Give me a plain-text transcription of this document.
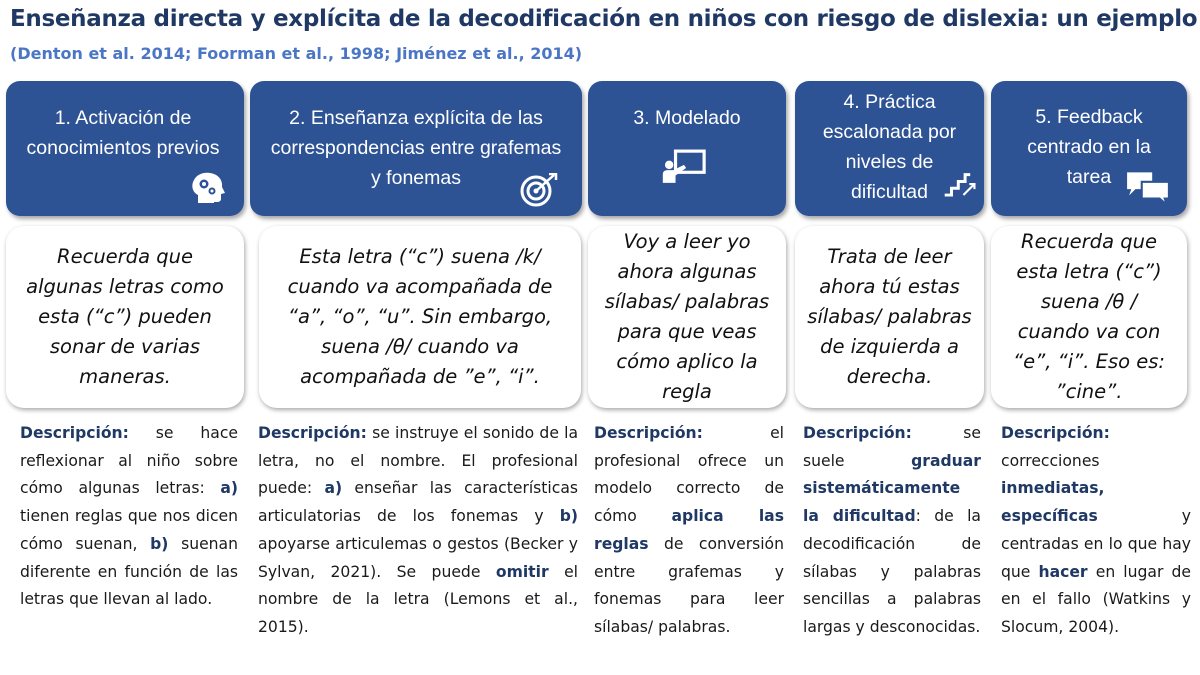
Enseñanza directa y explícita de la decodificación en niños con riesgo de dislexia: un ejemplo
(Denton et al. 2014; Foorman et al., 1998; Jiménez et al., 2014)
1. Activación de conocimientos previos
Recuerda que algunas letras como esta (“c”) pueden sonar de varias maneras.
Descripción: se hace reflexionar al niño sobre cómo algunas letras: a) tienen reglas que nos dicen cómo suenan, b) suenan diferente en función de las letras que llevan al lado.
2. Enseñanza explícita de las correspondencias entre grafemas y fonemas
Esta letra (“c”) suena /k/ cuando va acompañada de “a”, “o”, “u”. Sin embargo, suena /θ/ cuando va acompañada de ”e”, “i”.
Descripción: se instruye el sonido de la letra, no el nombre. El profesional puede: a) enseñar las características articulatorias de los fonemas y b) apoyarse articulemas o gestos (Becker y Sylvan, 2021). Se puede omitir el nombre de la letra (Lemons et al., 2015).
3. Modelado
Voy a leer yo ahora algunas sílabas/ palabras para que veas cómo aplico la regla
Descripción: el profesional ofrece un modelo correcto de cómo aplica las reglas de conversión entre grafemas y fonemas para leer sílabas/ palabras.
4. Práctica escalonada por niveles de dificultad
Trata de leer ahora tú estas sílabas/ palabras de izquierda a derecha.
Descripción: se suele graduar sistemáticamente la dificultad: de la decodificación de sílabas y palabras sencillas a palabras largas y desconocidas.
5. Feedback centrado en la tarea
Recuerda que esta letra (“c”) suena /θ / cuando va con “e”, “i”. Eso es: ”cine”.
Descripción: correcciones inmediatas, específicas y centradas en lo que hay que hacer en lugar de en el fallo (Watkins y Slocum, 2004).
